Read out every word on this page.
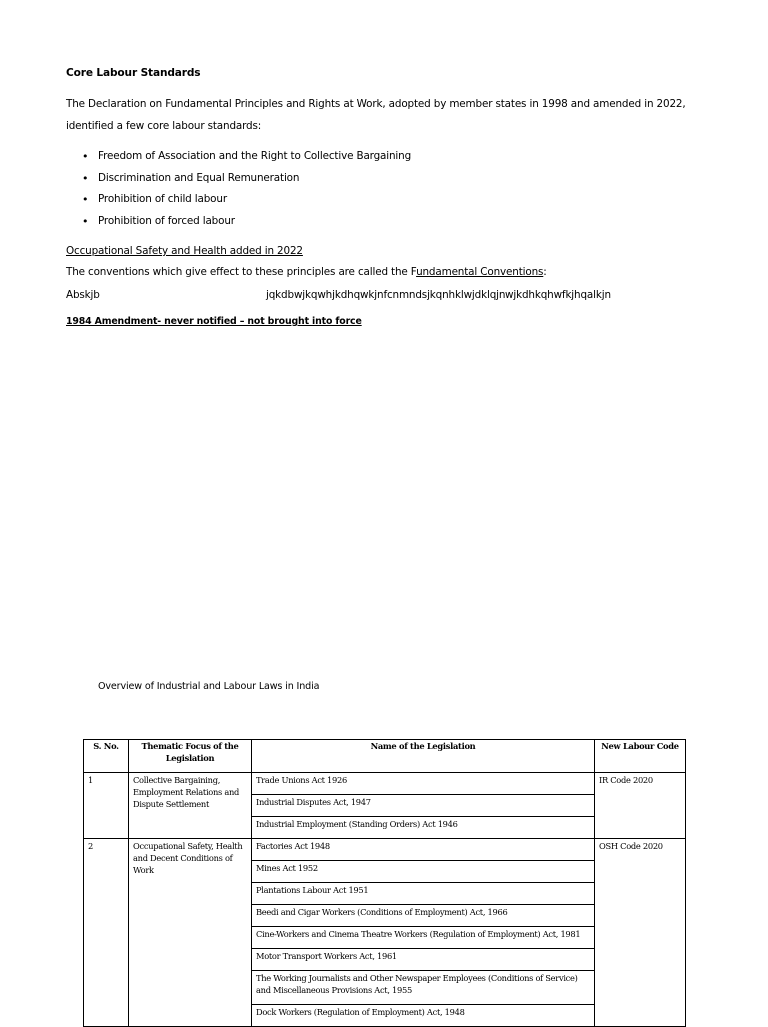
Core Labour Standards
The Declaration on Fundamental Principles and Rights at Work, adopted by member states in 1998 and amended in 2022, identified a few core labour standards:
• Freedom of Association and the Right to Collective Bargaining
• Discrimination and Equal Remuneration
• Prohibition of child labour
• Prohibition of forced labour
Occupational Safety and Health added in 2022
The conventions which give effect to these principles are called the Fundamental Conventions:
Abskjb	jqkdbwjkqwhjkdhqwkjnfcnmndsjkqnhklwjdklqjn wjkdhkqhwfkjhqalkjn
1984 Amendment- never notified – not brought into force
Overview of Industrial and Labour Laws in India
S. No.	Thematic Focus of the Legislation	Name of the Legislation	New Labour Code
1	Collective Bargaining, Employment Relations and Dispute Settlement	Trade Unions Act 1926	IR Code 2020
		Industrial Disputes Act, 1947	
		Industrial Employment (Standing Orders) Act 1946	
2	Occupational Safety, Health and Decent Conditions of Work	Factories Act 1948	OSH Code 2020
		Mines Act 1952	
		Plantations Labour Act 1951	
		Beedi and Cigar Workers (Conditions of Employment) Act, 1966	
		Cine-Workers and Cinema Theatre Workers (Regulation of Employment) Act, 1981	
		Motor Transport Workers Act, 1961	
		The Working Journalists and Other Newspaper Employees (Conditions of Service) and Miscellaneous Provisions Act, 1955	
		Dock Workers (Regulation of Employment) Act, 1948	
